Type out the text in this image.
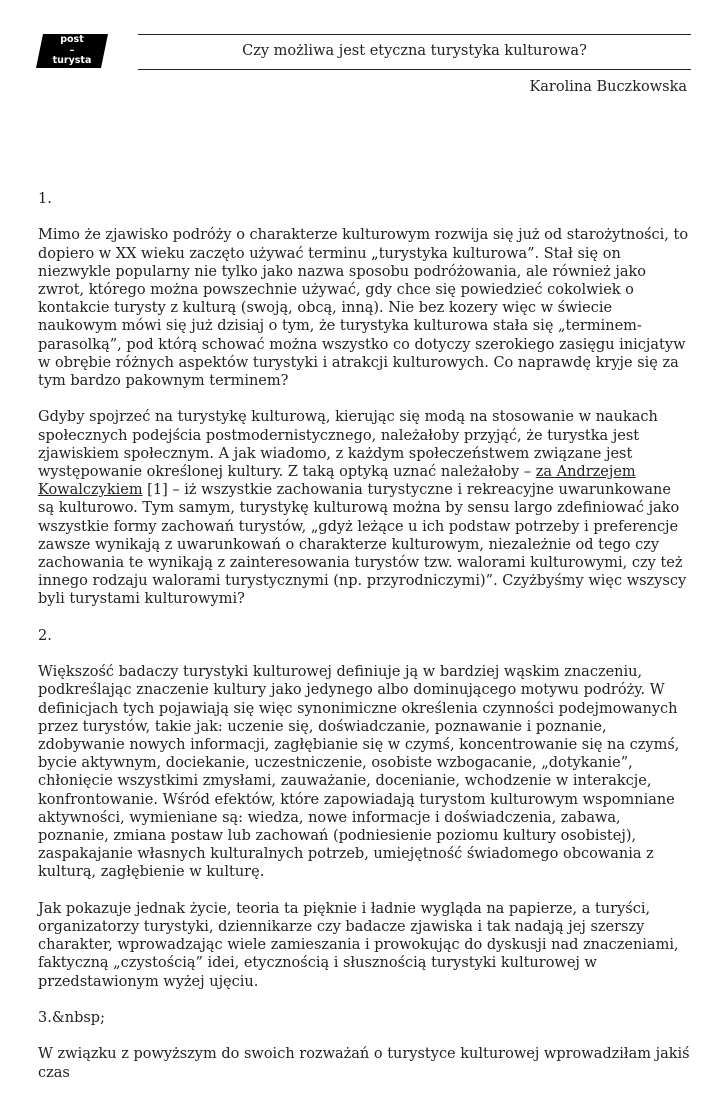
post
–
turysta
Czy możliwa jest etyczna turystyka kulturowa?
Karolina Buczkowska

1.

Mimo że zjawisko podróży o charakterze kulturowym rozwija się już od starożytności, to dopiero w XX wieku zaczęto używać terminu „turystyka kulturowa”. Stał się on niezwykle popularny nie tylko jako nazwa sposobu podróżowania, ale również jako zwrot, którego można powszechnie używać, gdy chce się powiedzieć cokolwiek o kontakcie turysty z kulturą (swoją, obcą, inną). Nie bez kozery więc w świecie naukowym mówi się już dzisiaj o tym, że turystyka kulturowa stała się „terminem-parasolką”, pod którą schować można wszystko co dotyczy szerokiego zasięgu inicjatyw w obrębie różnych aspektów turystyki i atrakcji kulturowych. Co naprawdę kryje się za tym bardzo pakownym terminem?

Gdyby spojrzeć na turystykę kulturową, kierując się modą na stosowanie w naukach społecznych podejścia postmodernistycznego, należałoby przyjąć, że turystka jest zjawiskiem społecznym. A jak wiadomo, z każdym społeczeństwem związane jest występowanie określonej kultury. Z taką optyką uznać należałoby – za Andrzejem Kowalczykiem [1] – iż wszystkie zachowania turystyczne i rekreacyjne uwarunkowane są kulturowo. Tym samym, turystykę kulturową można by sensu largo zdefiniować jako wszystkie formy zachowań turystów, „gdyż leżące u ich podstaw potrzeby i preferencje zawsze wynikają z uwarunkowań o charakterze kulturowym, niezależnie od tego czy zachowania te wynikają z zainteresowania turystów tzw. walorami kulturowymi, czy też innego rodzaju walorami turystycznymi (np. przyrodniczymi)”. Czyżbyśmy więc wszyscy byli turystami kulturowymi?

2.

Większość badaczy turystyki kulturowej definiuje ją w bardziej wąskim znaczeniu, podkreślając znaczenie kultury jako jedynego albo dominującego motywu podróży. W definicjach tych pojawiają się więc synonimiczne określenia czynności podejmowanych przez turystów, takie jak: uczenie się, doświadczanie, poznawanie i poznanie, zdobywanie nowych informacji, zagłębianie się w czymś, koncentrowanie się na czymś, bycie aktywnym, dociekanie, uczestniczenie, osobiste wzbogacanie, „dotykanie”, chłonięcie wszystkimi zmysłami, zauważanie, docenianie, wchodzenie w interakcje, konfrontowanie. Wśród efektów, które zapowiadają turystom kulturowym wspomniane aktywności, wymieniane są: wiedza, nowe informacje i doświadczenia, zabawa, poznanie, zmiana postaw lub zachowań (podniesienie poziomu kultury osobistej), zaspakajanie własnych kulturalnych potrzeb, umiejętność świadomego obcowania z kulturą, zagłębienie w kulturę.

Jak pokazuje jednak życie, teoria ta pięknie i ładnie wygląda na papierze, a turyści, organizatorzy turystyki, dziennikarze czy badacze zjawiska i tak nadają jej szerszy charakter, wprowadzając wiele zamieszania i prowokując do dyskusji nad znaczeniami, faktyczną „czystością” idei, etycznością i słusznością turystyki kulturowej w przedstawionym wyżej ujęciu.

3.&nbsp;

W związku z powyższym do swoich rozważań o turystyce kulturowej wprowadziłam jakiś czas
